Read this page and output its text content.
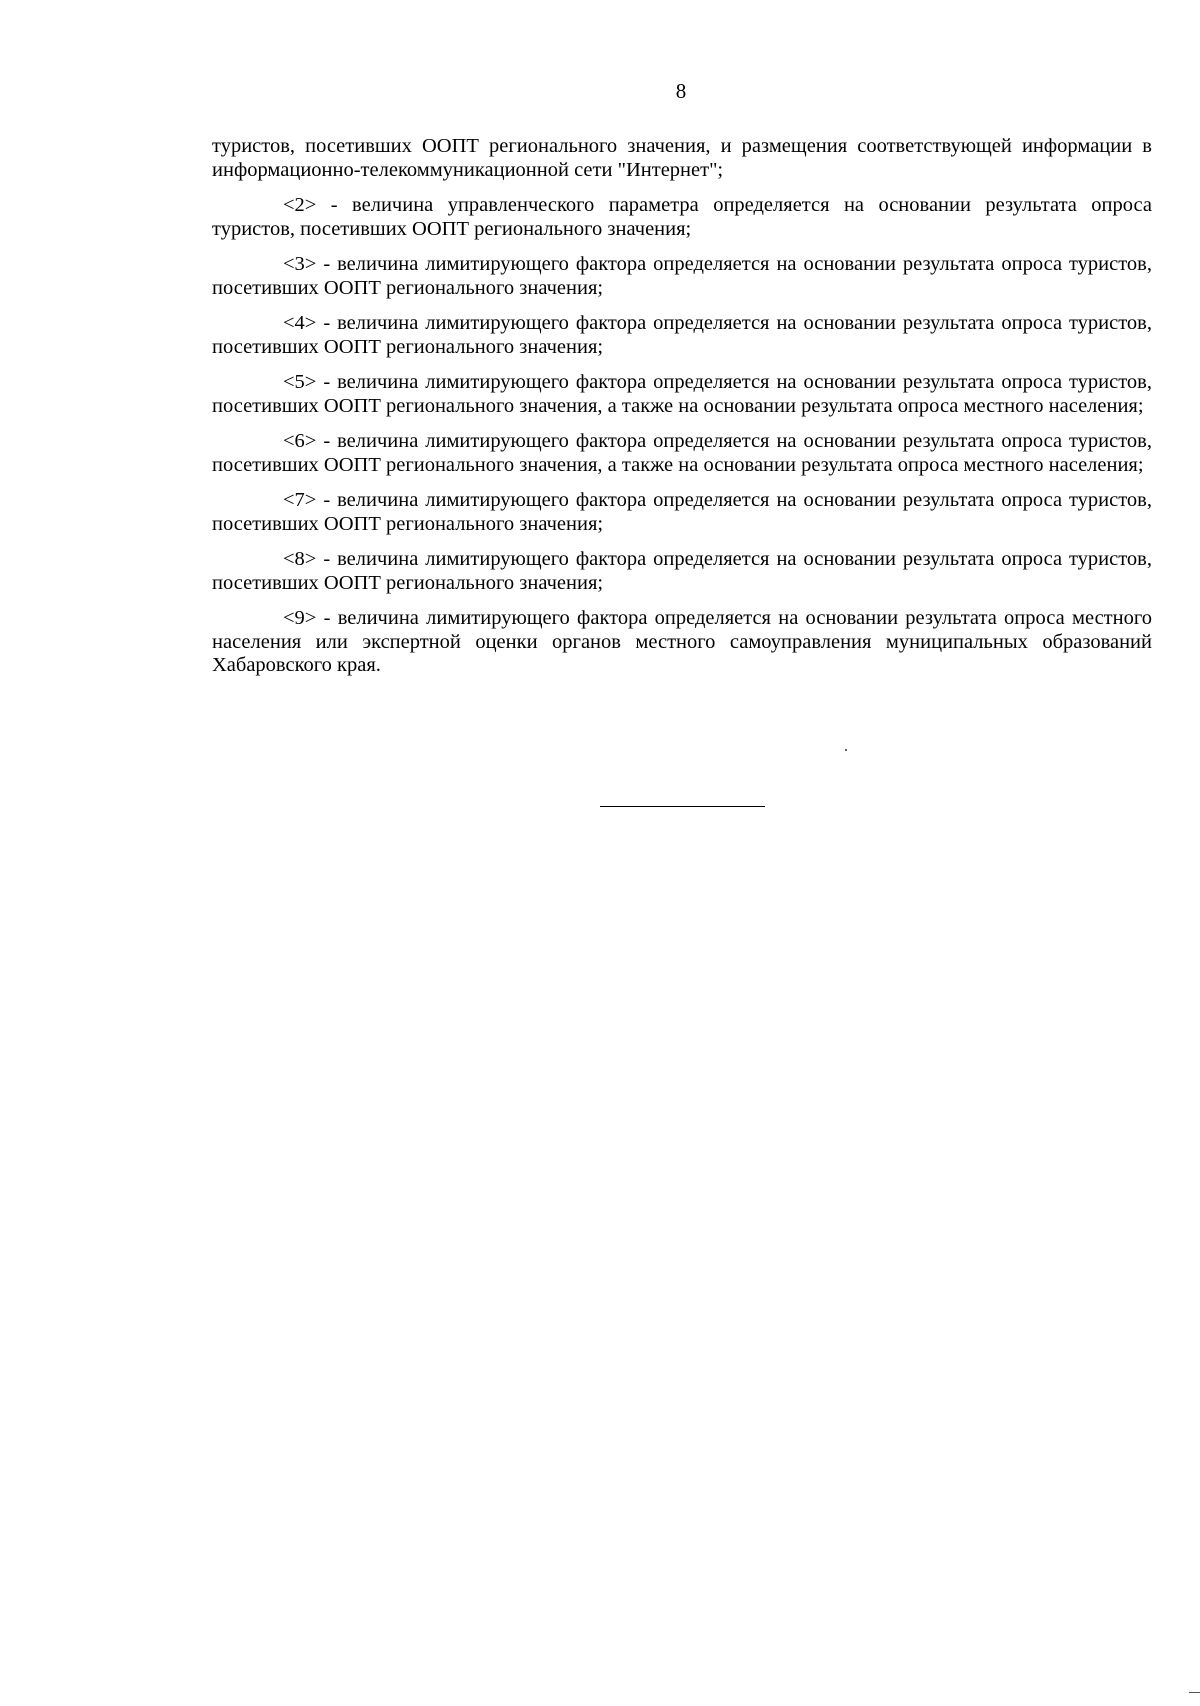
8

туристов, посетивших ООПТ регионального значения, и размещения соответствующей информации в информационно-телекоммуникационной сети "Интернет";

<2> - величина управленческого параметра определяется на основании результата опроса туристов, посетивших ООПТ регионального значения;

<3> - величина лимитирующего фактора определяется на основании результата опроса туристов, посетивших ООПТ регионального значения;

<4> - величина лимитирующего фактора определяется на основании результата опроса туристов, посетивших ООПТ регионального значения;

<5> - величина лимитирующего фактора определяется на основании результата опроса туристов, посетивших ООПТ регионального значения, а также на основании результата опроса местного населения;

<6> - величина лимитирующего фактора определяется на основании результата опроса туристов, посетивших ООПТ регионального значения, а также на основании результата опроса местного населения;

<7> - величина лимитирующего фактора определяется на основании результата опроса туристов, посетивших ООПТ регионального значения;

<8> - величина лимитирующего фактора определяется на основании результата опроса туристов, посетивших ООПТ регионального значения;

<9> - величина лимитирующего фактора определяется на основании результата опроса местного населения или экспертной оценки органов местного самоуправления муниципальных образований Хабаровского края.
